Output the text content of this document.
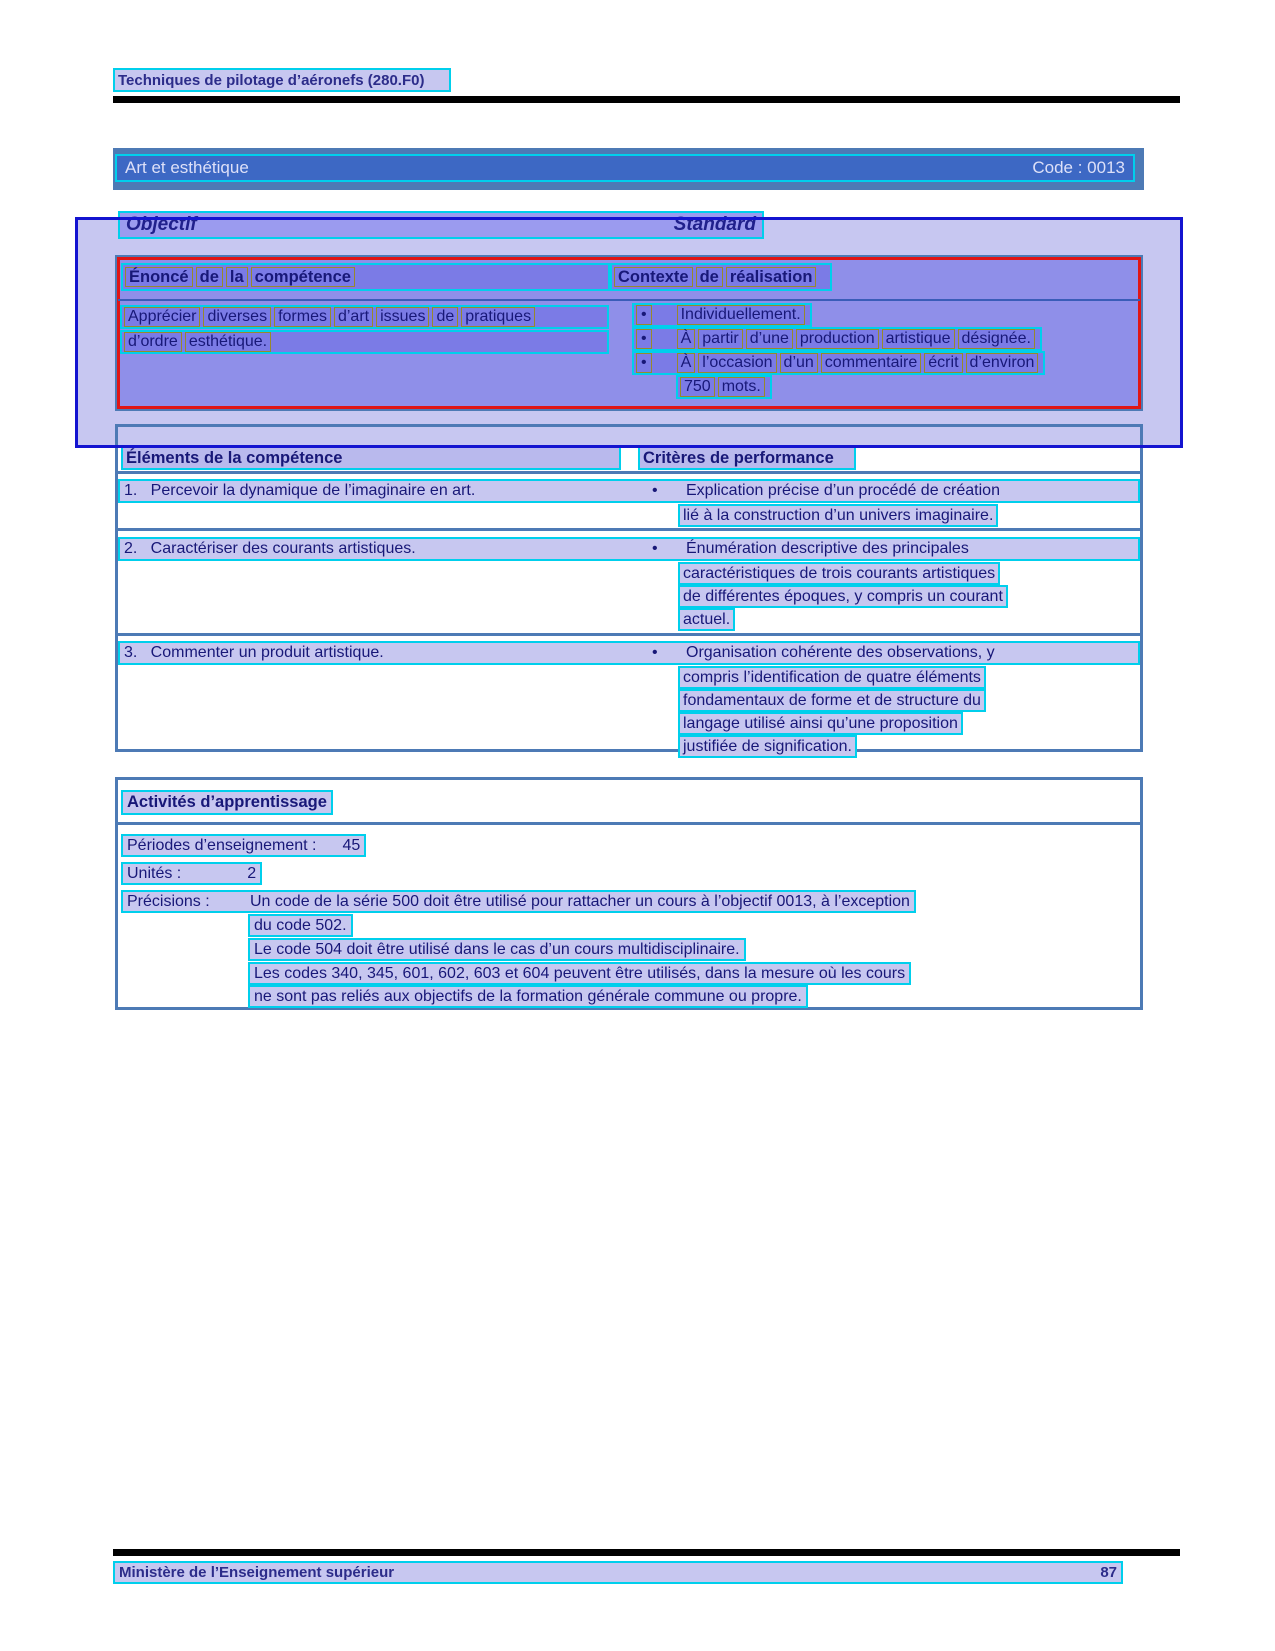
Techniques de pilotage d’aéronefs (280.F0)
Art et esthétique	Code : 0013
Objectif	Standard
Énoncé de la compétence	Contexte de réalisation
Apprécier diverses formes d’art issues de pratiques
d’ordre esthétique.
•	Individuellement.
•	À partir d’une production artistique désignée.
•	À l’occasion d’un commentaire écrit d’environ
750 mots.
Éléments de la compétence	Critères de performance
1.   Percevoir la dynamique de l’imaginaire en art.	•	Explication précise d’un procédé de création
lié à la construction d’un univers imaginaire.
2.   Caractériser des courants artistiques.	•	Énumération descriptive des principales
caractéristiques de trois courants artistiques
de différentes époques, y compris un courant
actuel.
3.   Commenter un produit artistique.	•	Organisation cohérente des observations, y
compris l’identification de quatre éléments
fondamentaux de forme et de structure du
langage utilisé ainsi qu’une proposition
justifiée de signification.
Activités d’apprentissage
Périodes d’enseignement : 45
Unités :	2
Précisions :	Un code de la série 500 doit être utilisé pour rattacher un cours à l’objectif 0013, à l’exception
du code 502.
Le code 504 doit être utilisé dans le cas d’un cours multidisciplinaire.
Les codes 340, 345, 601, 602, 603 et 604 peuvent être utilisés, dans la mesure où les cours
ne sont pas reliés aux objectifs de la formation générale commune ou propre.
Ministère de l’Enseignement supérieur	87
